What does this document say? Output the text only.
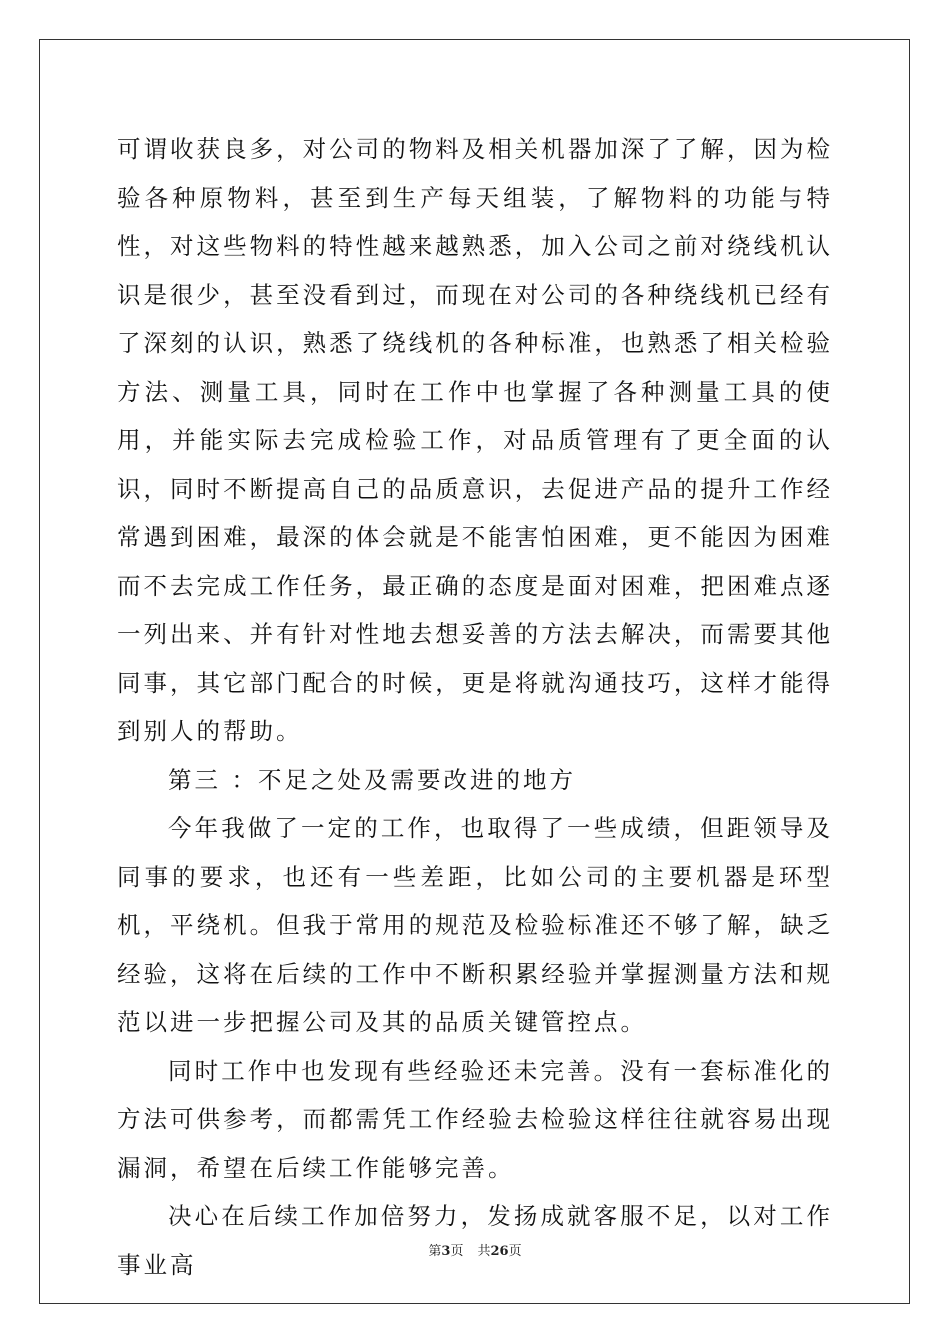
可谓收获良多，对公司的物料及相关机器加深了了解，因为检验各种原物料，甚至到生产每天组装，了解物料的功能与特性，对这些物料的特性越来越熟悉，加入公司之前对绕线机认识是很少，甚至没看到过，而现在对公司的各种绕线机已经有了深刻的认识，熟悉了绕线机的各种标准，也熟悉了相关检验方法、测量工具，同时在工作中也掌握了各种测量工具的使用，并能实际去完成检验工作，对品质管理有了更全面的认识，同时不断提高自己的品质意识，去促进产品的提升工作经常遇到困难，最深的体会就是不能害怕困难，更不能因为困难而不去完成工作任务，最正确的态度是面对困难，把困难点逐一列出来、并有针对性地去想妥善的方法去解决，而需要其他同事，其它部门配合的时候，更是将就沟通技巧，这样才能得到别人的帮助。

第三 ：不足之处及需要改进的地方

今年我做了一定的工作，也取得了一些成绩，但距领导及同事的要求，也还有一些差距，比如公司的主要机器是环型机，平绕机。但我于常用的规范及检验标准还不够了解，缺乏经验，这将在后续的工作中不断积累经验并掌握测量方法和规范以进一步把握公司及其的品质关键管控点。

同时工作中也发现有些经验还未完善。没有一套标准化的方法可供参考，而都需凭工作经验去检验这样往往就容易出现漏洞，希望在后续工作能够完善。

决心在后续工作加倍努力，发扬成就客服不足，以对工作事业高	第3页 共26页
